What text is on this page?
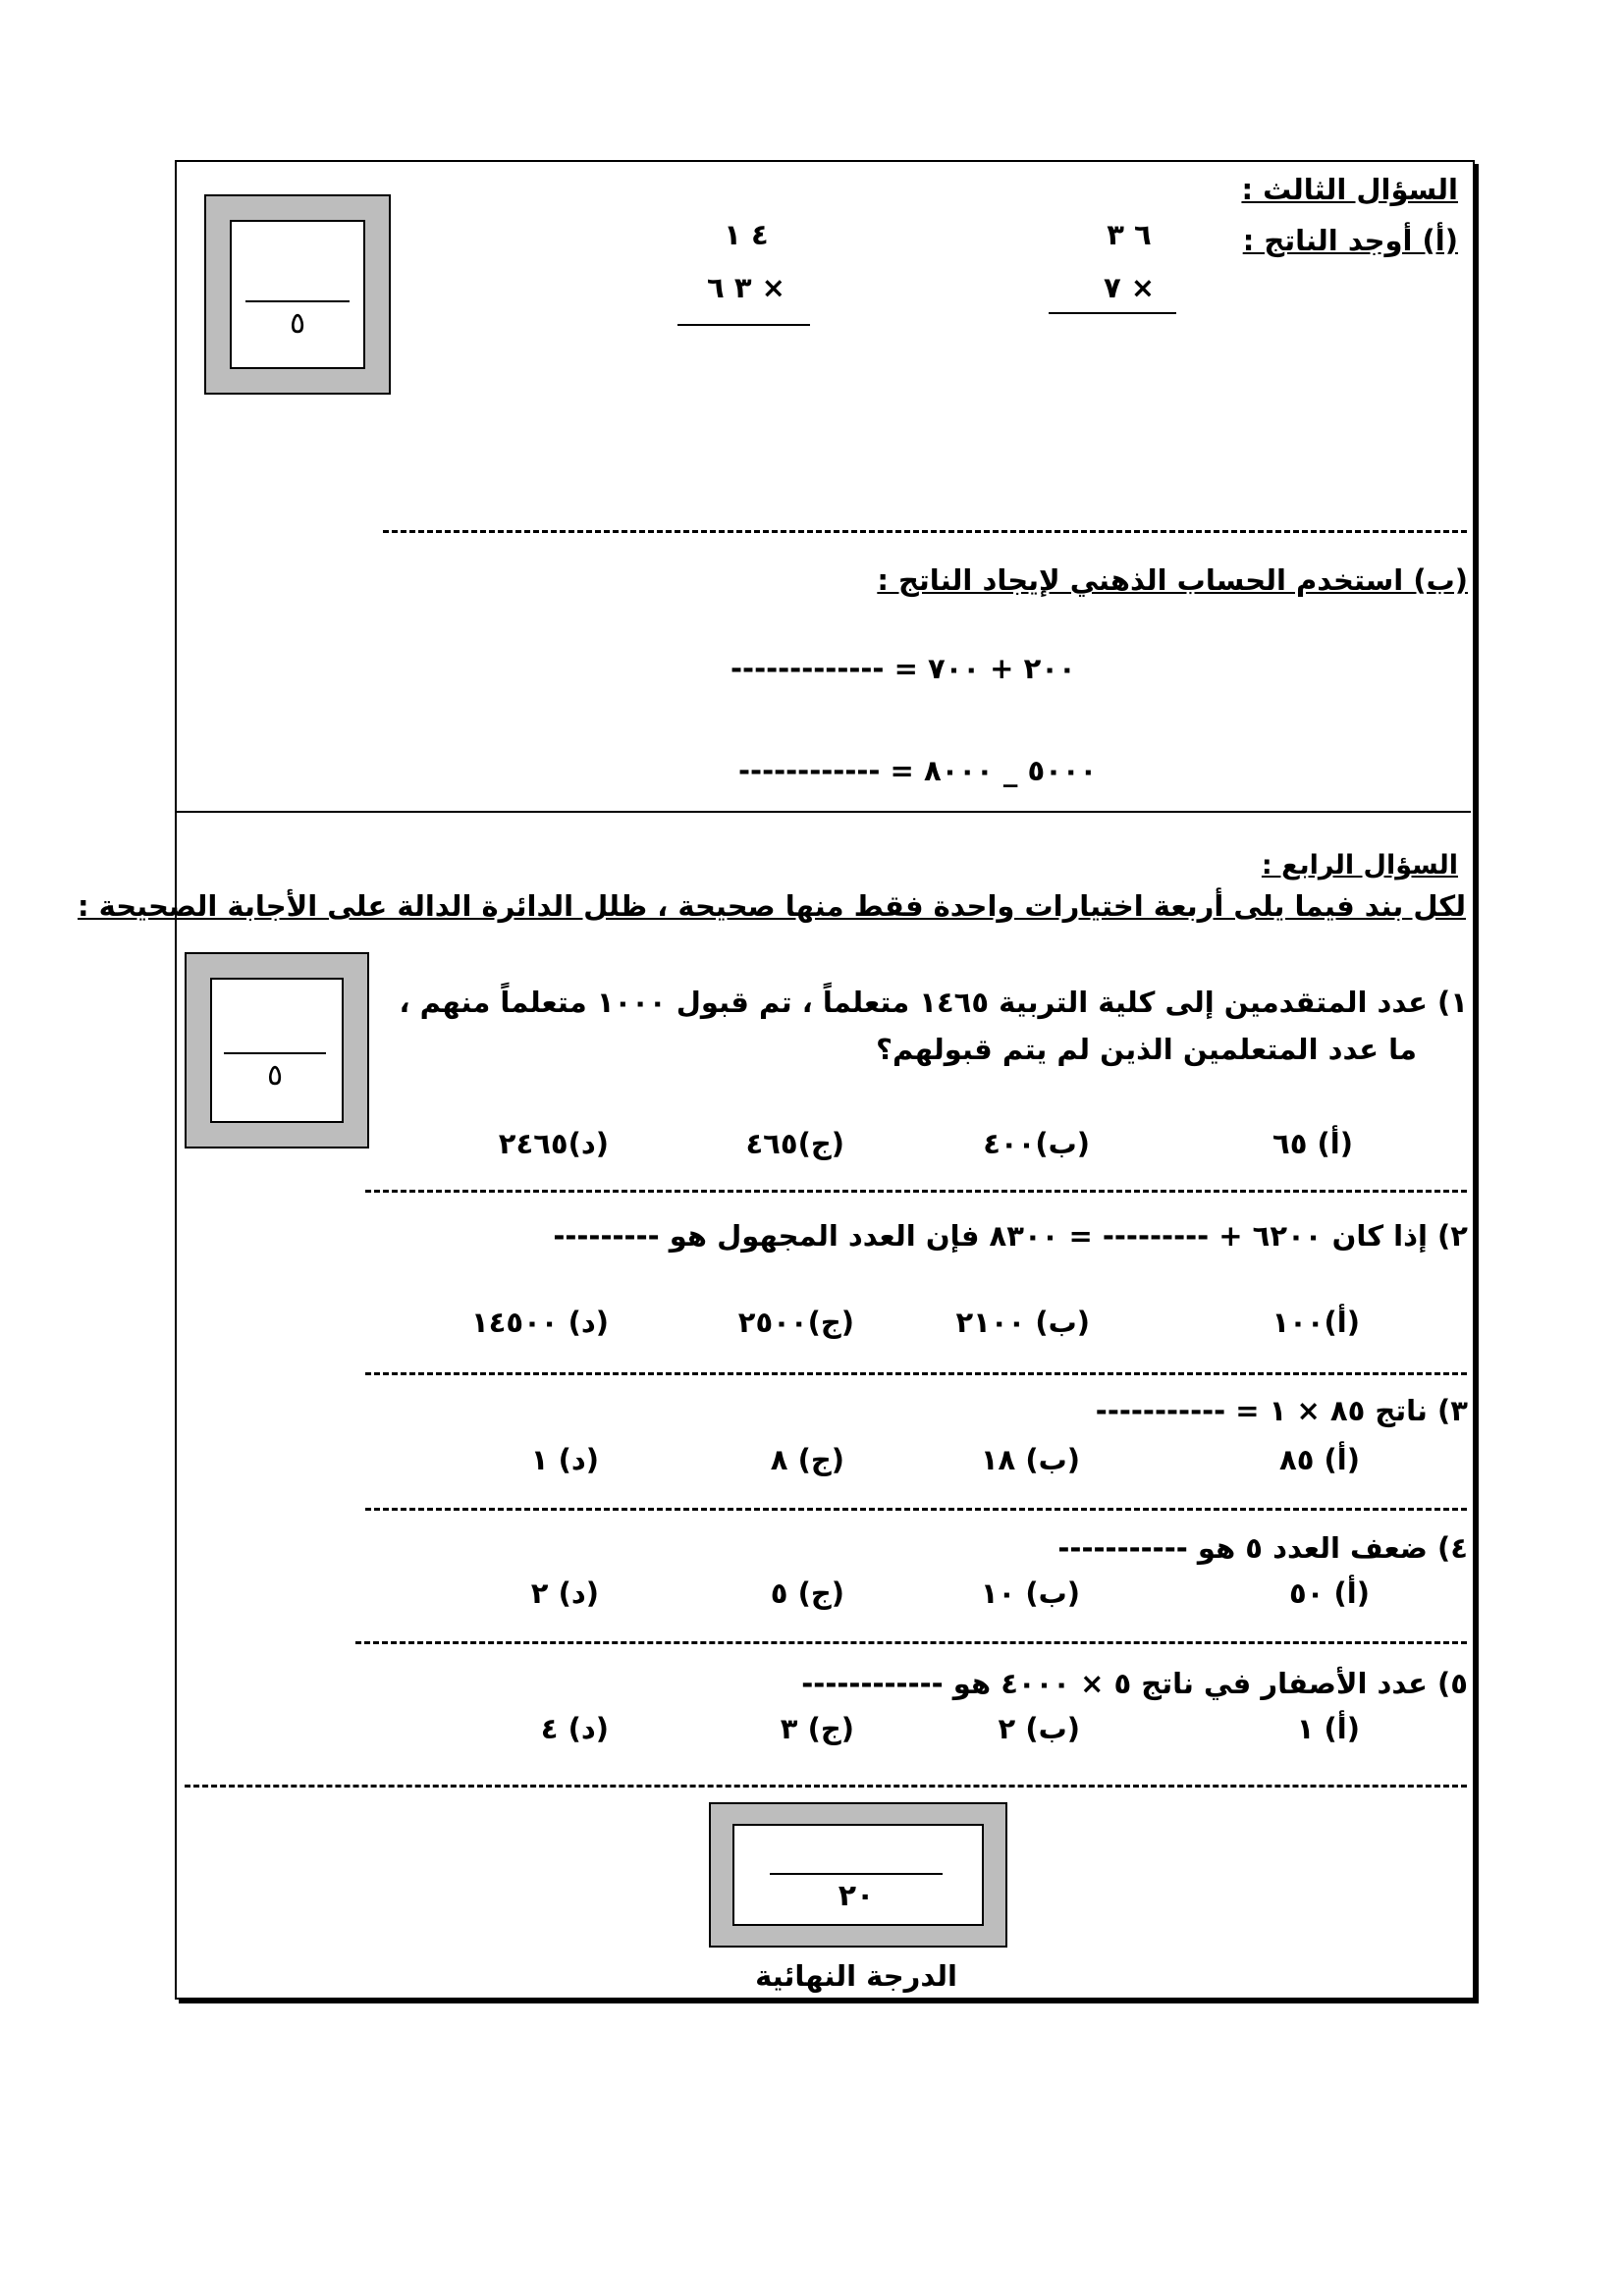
السؤال الثالث :
(أ) أوجد الناتج :
٦ ٣
٧ ×
٤ ١
٣ ٦ ×
٥
(ب) استخدم الحساب الذهني لإيجاد الناتج :
------------- = ٢٠٠ + ٧٠٠
------------ = ٥٠٠٠ _ ٨٠٠٠
السؤال الرابع :
لكل بند فيما يلى أربعة اختيارات واحدة فقط منها صحيحة ، ظلل الدائرة الدالة على الأجابة الصحيحة :
٥
١) عدد المتقدمين إلى كلية التربية ١٤٦٥ متعلماً ، تم قبول ١٠٠٠ متعلماً منهم ،
ما عدد المتعلمين الذين لم يتم قبولهم؟
(أ) ٦٥
(ب)٤٠٠
(ج)٤٦٥
(د)٢٤٦٥
٢) إذا كان ٦٢٠٠ + --------- = ٨٣٠٠ فإن العدد المجهول هو ---------
(أ)١٠٠
(ب) ٢١٠٠
(ج)٢٥٠٠
(د) ١٤٥٠٠
٣) ناتج ٨٥ × ١ = -----------
(أ) ٨٥
(ب) ١٨
(ج) ٨
(د) ١
٤) ضعف العدد ٥ هو -----------
(أ) ٥٠
(ب) ١٠
(ج) ٥
(د) ٢
٥) عدد الأصفار في ناتج ٥ × ٤٠٠٠ هو ------------
(أ) ١
(ب) ٢
(ج) ٣
(د) ٤
٢٠
الدرجة النهائية
